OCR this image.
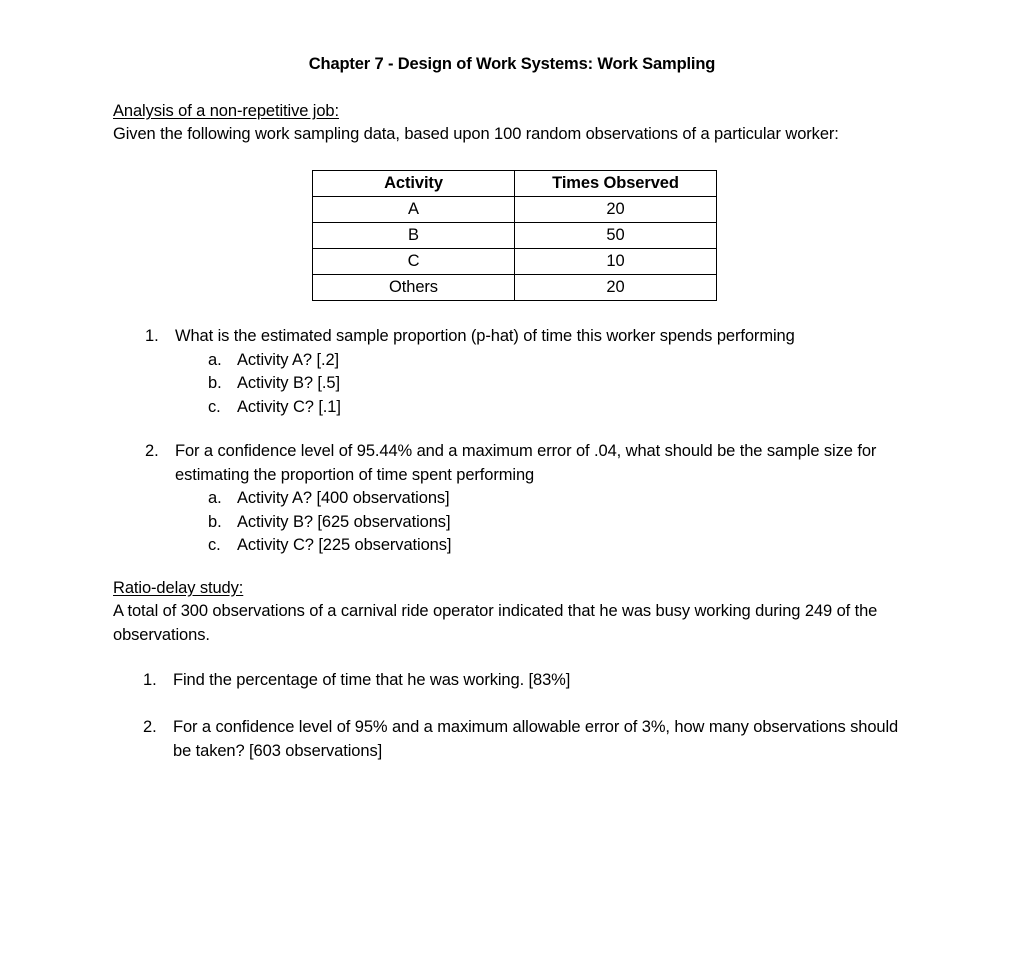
Chapter 7 - Design of Work Systems: Work Sampling
Analysis of a non-repetitive job:
Given the following work sampling data, based upon 100 random observations of a particular worker:
Activity	Times Observed
A	20
B	50
C	10
Others	20
1. What is the estimated sample proportion (p-hat) of time this worker spends performing
a. Activity A? [.2]
b. Activity B? [.5]
c. Activity C? [.1]
2. For a confidence level of 95.44% and a maximum error of .04, what should be the sample size for estimating the proportion of time spent performing
a. Activity A? [400 observations]
b. Activity B? [625 observations]
c. Activity C? [225 observations]
Ratio-delay study:
A total of 300 observations of a carnival ride operator indicated that he was busy working during 249 of the observations.
1. Find the percentage of time that he was working. [83%]
2. For a confidence level of 95% and a maximum allowable error of 3%, how many observations should be taken? [603 observations]
